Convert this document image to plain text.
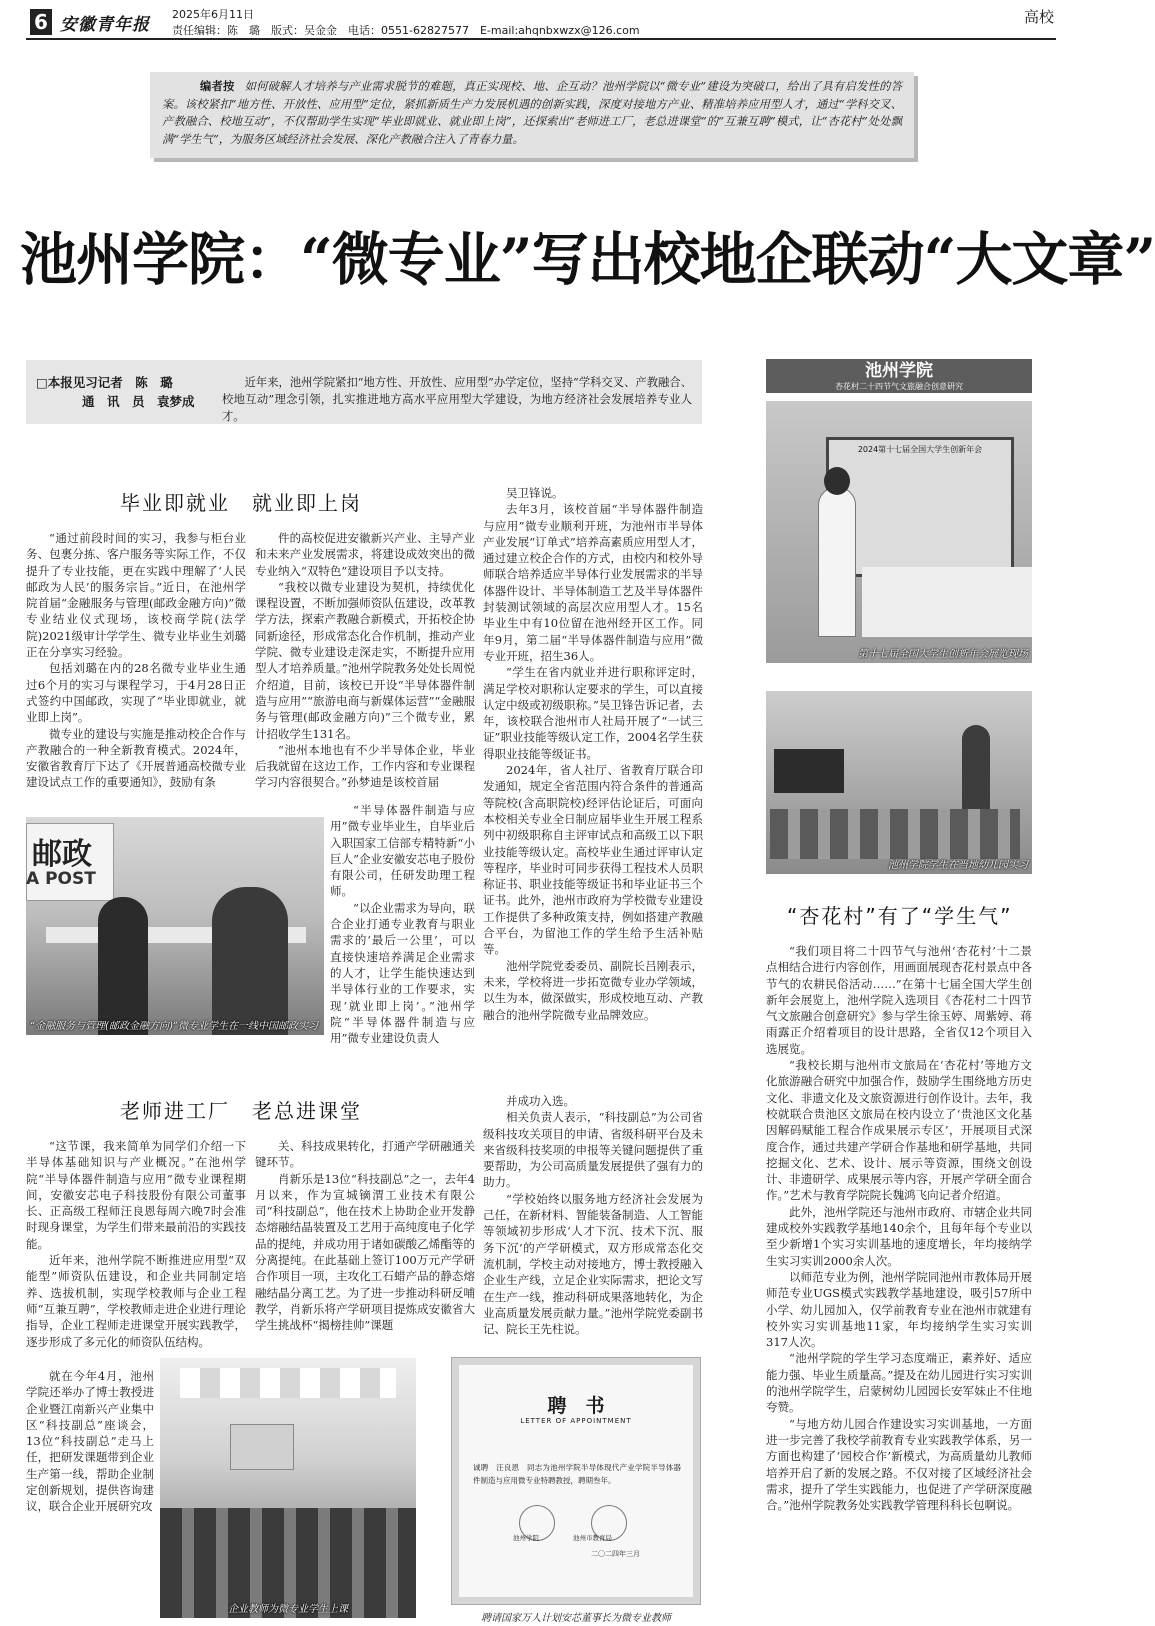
6 安徽青年报
2025年6月11日
责任编辑：陈　璐　版式：吴金金　电话：0551-62827577　E-mail:ahqnbxwzx@126.com
高校
编者按 如何破解人才培养与产业需求脱节的难题，真正实现校、地、企互动？池州学院以“微专业”建设为突破口，给出了具有启发性的答案。该校紧扣“地方性、开放性、应用型”定位，紧抓新质生产力发展机遇的创新实践，深度对接地方产业、精准培养应用型人才，通过“学科交叉、产教融合、校地互动”，不仅帮助学生实现“毕业即就业、就业即上岗”，还探索出“老师进工厂，老总进课堂”的“互兼互聘”模式，让“杏花村”处处飘满“学生气”，为服务区域经济社会发展、深化产教融合注入了青春力量。
池州学院：“微专业”写出校地企联动“大文章”
□本报见习记者　陈　璐
通　讯　员　袁梦成
近年来，池州学院紧扣“地方性、开放性、应用型”办学定位，坚持“学科交叉、产教融合、校地互动”理念引领，扎实推进地方高水平应用型大学建设，为地方经济社会发展培养专业人才。
毕业即就业　就业即上岗

“通过前段时间的实习，我参与柜台业务、包裹分拣、客户服务等实际工作，不仅提升了专业技能，更在实践中理解了‘人民邮政为人民’的服务宗旨。”近日，在池州学院首届“金融服务与管理(邮政金融方向)”微专业结业仪式现场，该校商学院(法学院)2021级审计学学生、微专业毕业生刘璐正在分享实习经验。

包括刘璐在内的28名微专业毕业生通过6个月的实习与课程学习，于4月28日正式签约中国邮政，实现了“毕业即就业，就业即上岗”。

微专业的建设与实施是推动校企合作与产教融合的一种全新教育模式。2024年，安徽省教育厅下达了《开展普通高校微专业建设试点工作的重要通知》，鼓励有条

件的高校促进安徽新兴产业、主导产业和未来产业发展需求，将建设成效突出的微专业纳入“双特色”建设项目予以支持。

“我校以微专业建设为契机，持续优化课程设置，不断加强师资队伍建设，改革教学方法，探索产教融合新模式，开拓校企协同新途径，形成常态化合作机制，推动产业学院、微专业建设走深走实，不断提升应用型人才培养质量。”池州学院教务处处长周悦介绍道，目前，该校已开设“半导体器件制造与应用”“旅游电商与新媒体运营”“金融服务与管理(邮政金融方向)”三个微专业，累计招收学生131名。

“池州本地也有不少半导体企业，毕业后我就留在这边工作，工作内容和专业课程学习内容很契合。”孙梦迪是该校首届

“半导体器件制造与应用”微专业毕业生，自毕业后入职国家工信部专精特新“小巨人”企业安徽安芯电子股份有限公司，任研发助理工程师。

“以企业需求为导向，联合企业打通专业教育与职业需求的‘最后一公里’，可以直接快速培养满足企业需求的人才，让学生能快速达到半导体行业的工作要求，实现‘就业即上岗’。”池州学院“半导体器件制造与应用”微专业建设负责人

吴卫锋说。

去年3月，该校首届“半导体器件制造与应用”微专业顺利开班，为池州市半导体产业发展“订单式”培养高素质应用型人才，通过建立校企合作的方式，由校内和校外导师联合培养适应半导体行业发展需求的半导体器件设计、半导体制造工艺及半导体器件封装测试领域的高层次应用型人才。15名毕业生中有10位留在池州经开区工作。同年9月，第二届“半导体器件制造与应用”微专业开班，招生36人。

“学生在省内就业并进行职称评定时，满足学校对职称认定要求的学生，可以直接认定中级或初级职称。”吴卫锋告诉记者，去年，该校联合池州市人社局开展了“一试三证”职业技能等级认定工作，2004名学生获得职业技能等级证书。

2024年，省人社厅、省教育厅联合印发通知，规定全省范围内符合条件的普通高等院校(含高职院校)经评估论证后，可面向本校相关专业全日制应届毕业生开展工程系列中初级职称自主评审试点和高级工以下职业技能等级认定。高校毕业生通过评审认定等程序，毕业时可同步获得工程技术人员职称证书、职业技能等级证书和毕业证书三个证书。此外，池州市政府为学校微专业建设工作提供了多种政策支持，例如搭建产教融合平台，为留池工作的学生给予生活补贴等。

池州学院党委委员、副院长吕刚表示，未来，学校将进一步拓宽微专业办学领域，以生为本，做深做实，形成校地互动、产教融合的池州学院微专业品牌效应。

邮政
A POST
“金融服务与管理(邮政金融方向)”微专业学生在一线中国邮政实习
池州学院
杏花村二十四节气文旅融合创意研究
2024第十七届全国大学生创新年会
第十七届全国大学生创新年会展览现场
池州学院学生在当地幼儿园实习
“杏花村”有了“学生气”

“我们项目将二十四节气与池州‘杏花村’十二景点相结合进行内容创作，用画面展现杏花村景点中各节气的农耕民俗活动……”在第十七届全国大学生创新年会展览上，池州学院入选项目《杏花村二十四节气文旅融合创意研究》参与学生徐玉婷、周紫婷、蒋雨露正介绍着项目的设计思路，全省仅12个项目入选展览。

“我校长期与池州市文旅局在‘杏花村’等地方文化旅游融合研究中加强合作，鼓励学生围绕地方历史文化、非遗文化及文旅资源进行创作设计。去年，我校就联合贵池区文旅局在校内设立了‘贵池区文化基因解码赋能工程合作成果展示专区’，开展项目式深度合作，通过共建产学研合作基地和研学基地，共同挖掘文化、艺术、设计、展示等资源，围绕文创设计、非遗研学、成果展示等内容，开展产学研全面合作。”艺术与教育学院院长魏鸿飞向记者介绍道。

此外，池州学院还与池州市政府、市辖企业共同建成校外实践教学基地140余个，且每年每个专业以至少新增1个实习实训基地的速度增长，年均接纳学生实习实训2000余人次。

以师范专业为例，池州学院同池州市教体局开展师范专业UGS模式实践教学基地建设，吸引57所中小学、幼儿园加入，仅学前教育专业在池州市就建有校外实习实训基地11家，年均接纳学生实习实训317人次。

“池州学院的学生学习态度端正，素养好、适应能力强、毕业生质量高。”提及在幼儿园进行实习实训的池州学院学生，启蒙树幼儿园园长安军妹止不住地夸赞。

“与地方幼儿园合作建设实习实训基地，一方面进一步完善了我校学前教育专业实践教学体系，另一方面也构建了‘园校合作’新模式，为高质量幼儿教师培养开启了新的发展之路。不仅对接了区域经济社会需求，提升了学生实践能力，也促进了产学研深度融合。”池州学院教务处实践教学管理科科长包啊说。

老师进工厂　老总进课堂

“这节课，我来简单为同学们介绍一下半导体基础知识与产业概况。”在池州学院“半导体器件制造与应用”微专业课程期间，安徽安芯电子科技股份有限公司董事长、正高级工程师汪良恩每周六晚7时会准时现身课堂，为学生们带来最前沿的实践技能。

近年来，池州学院不断推进应用型“双能型”师资队伍建设，和企业共同制定培养、选拔机制，实现学校教师与企业工程师“互兼互聘”，学校教师走进企业进行理论指导，企业工程师走进课堂开展实践教学，逐步形成了多元化的师资队伍结构。

就在今年4月，池州学院还举办了博士教授进企业暨江南新兴产业集中区“科技副总”座谈会，13位“科技副总”走马上任，把研发课题带到企业生产第一线，帮助企业制定创新规划，提供咨询建议，联合企业开展研究攻

关、科技成果转化，打通产学研融通关键环节。

肖新乐是13位“科技副总”之一，去年4月以来，作为宣城镝渭工业技术有限公司“科技副总”，他在技术上协助企业开发静态熔融结晶装置及工艺用于高纯度电子化学品的提纯，并成功用于诸如碳酸乙烯酯等的分离提纯。在此基础上签订100万元产学研合作项目一项，主攻化工石蜡产品的静态熔融结晶分离工艺。为了进一步推动科研反哺教学，肖新乐将产学研项目提炼成安徽省大学生挑战杯“揭榜挂帅”课题

并成功入选。

相关负责人表示，“科技副总”为公司省级科技攻关项目的申请、省级科研平台及未来省级科技奖项的申报等关键问题提供了重要帮助，为公司高质量发展提供了强有力的助力。

“学校始终以服务地方经济社会发展为己任，在新材料、智能装备制造、人工智能等领域初步形成‘人才下沉、技术下沉、服务下沉’的产学研模式，双方形成常态化交流机制，学校主动对接地方，博士教授融入企业生产线，立足企业实际需求，把论文写在生产一线，推动科研成果落地转化，为企业高质量发展贡献力量。”池州学院党委副书记、院长王先柱说。

企业教师为微专业学生上课
聘　书
LETTER OF APPOINTMENT
诚聘　汪良恩　同志为池州学院半导体现代产业学院半导体器件制造与应用微专业特聘教授，聘期叁年。
池州学院	池州市教育局
二〇二四年三月
聘请国家万人计划安芯董事长为微专业教师
